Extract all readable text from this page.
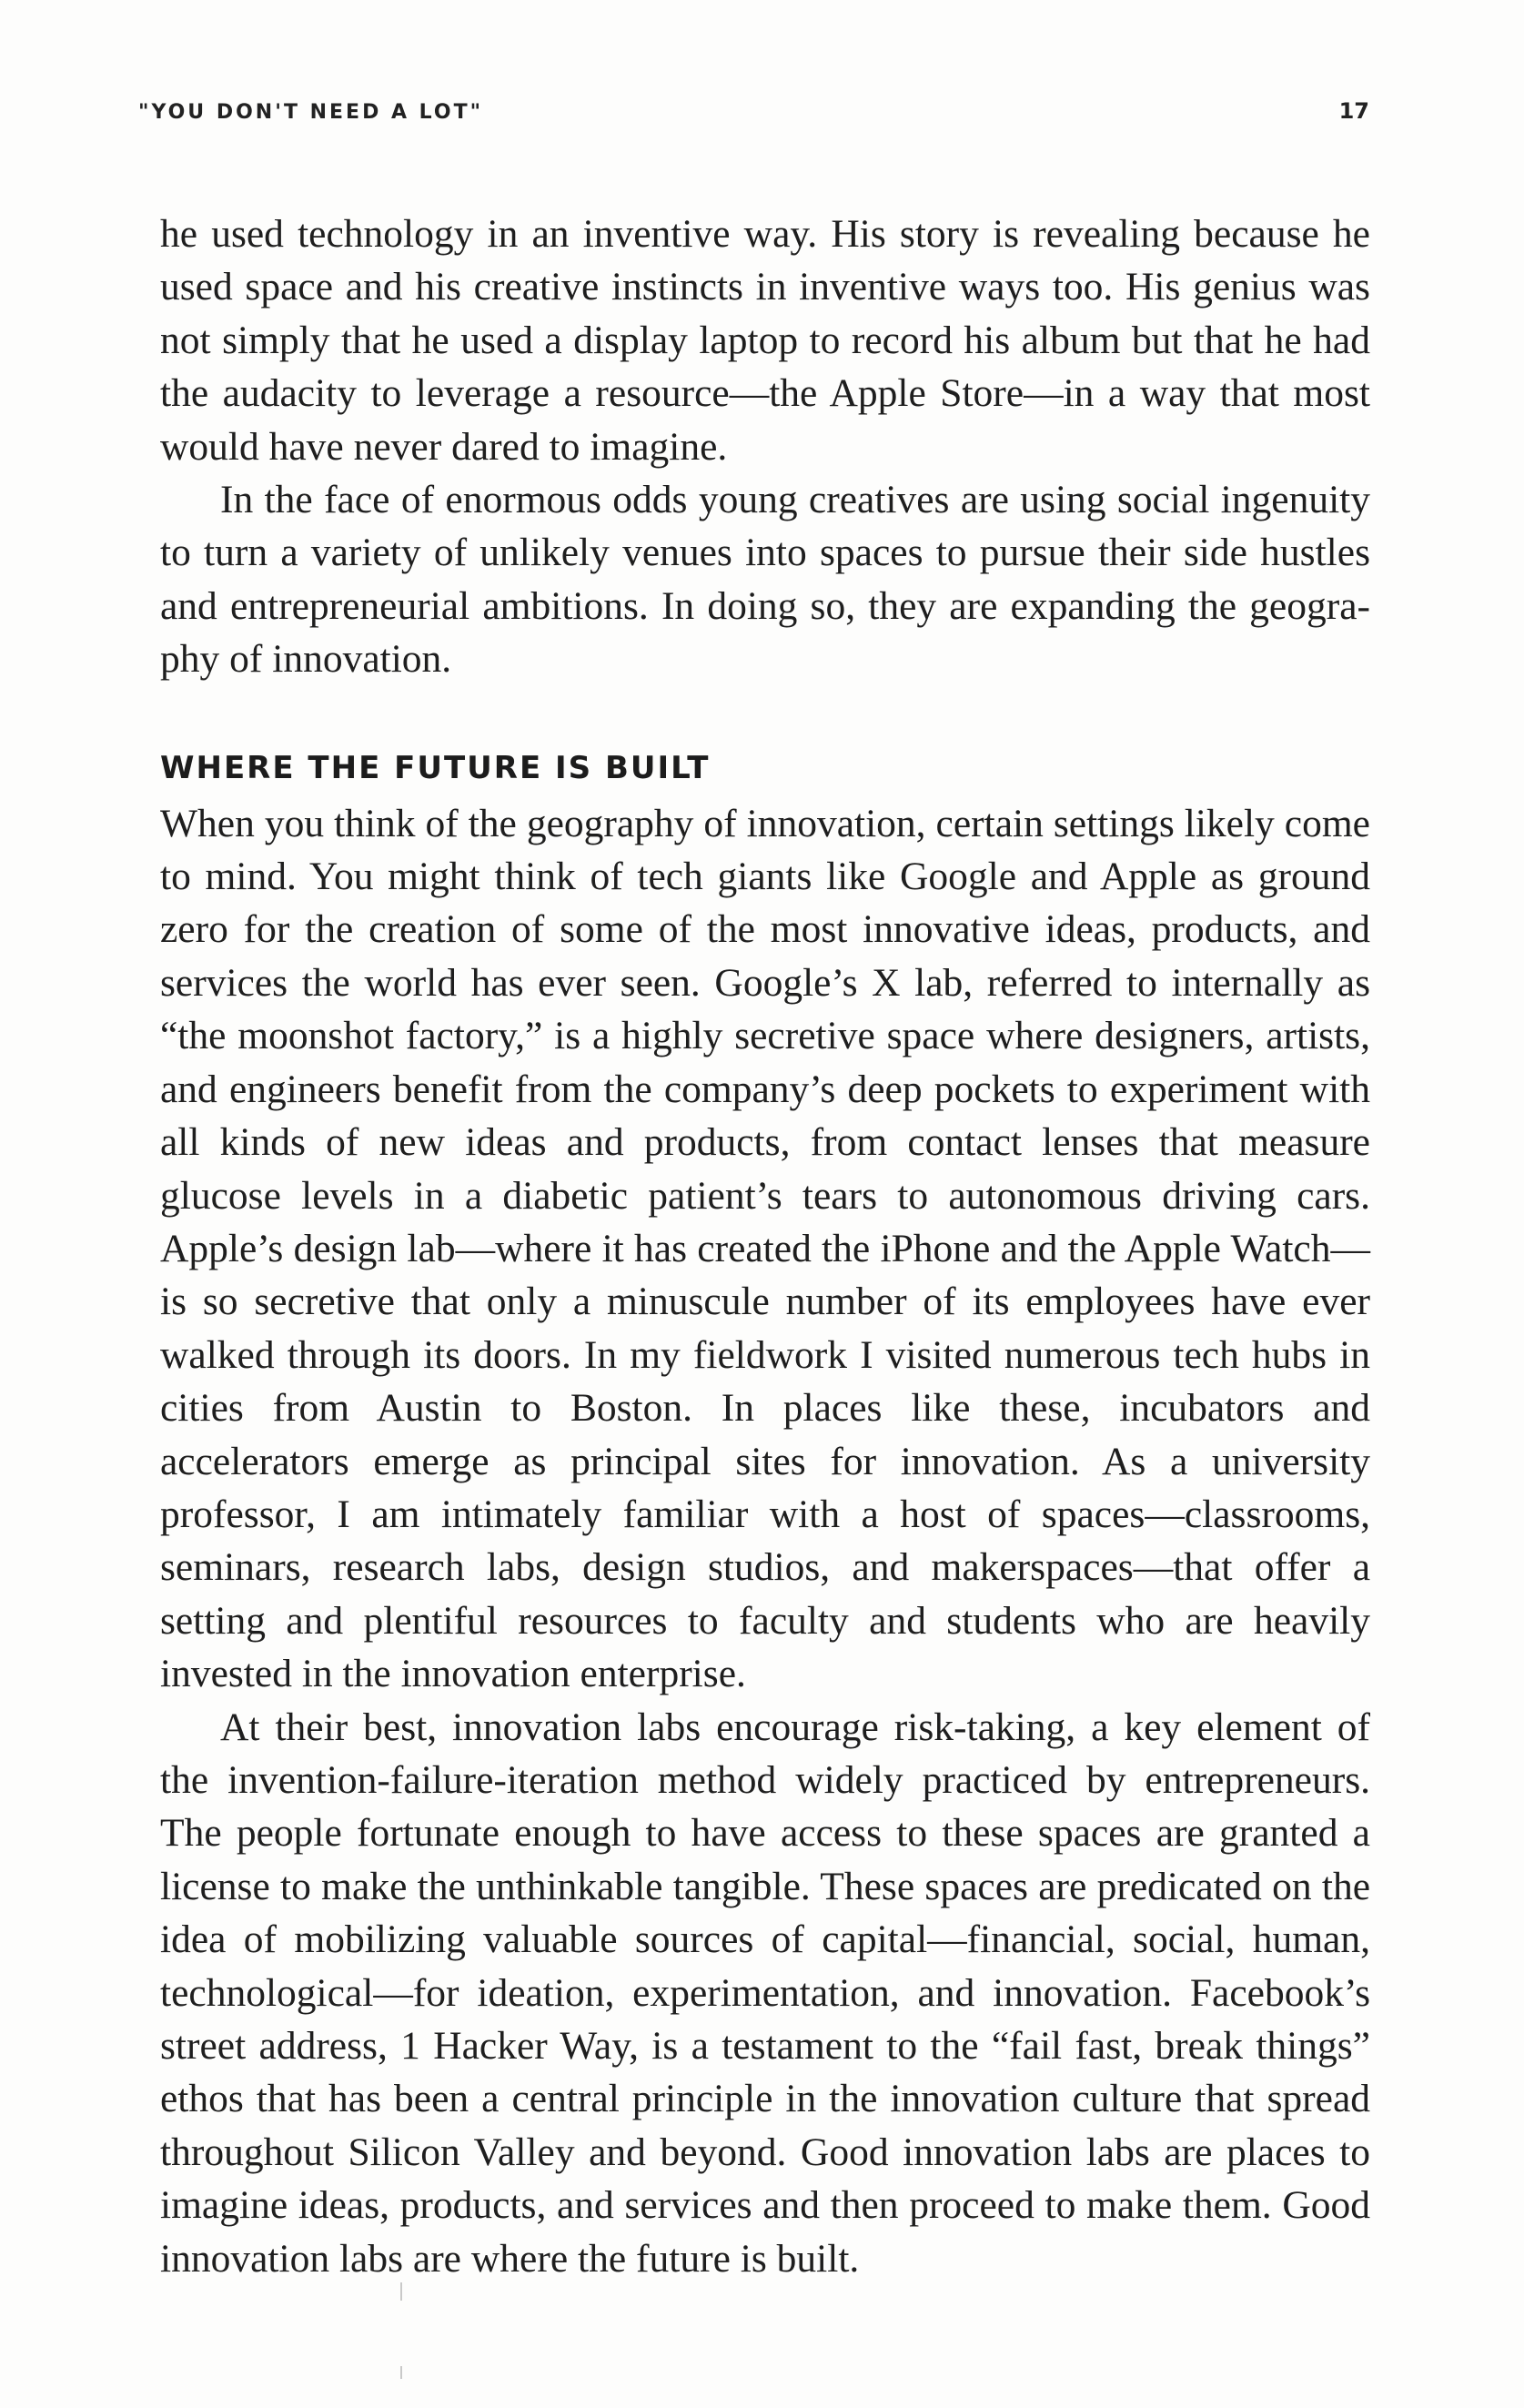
"YOU DON'T NEED A LOT"	17

he used technology in an inventive way. His story is revealing because he used space and his creative instincts in inventive ways too. His genius was not simply that he used a display laptop to record his album but that he had the audacity to leverage a resource—the Apple Store—in a way that most would have never dared to imagine.

In the face of enormous odds young creatives are using social ingenuity to turn a variety of unlikely venues into spaces to pursue their side hustles and entrepreneurial ambitions. In doing so, they are expanding the geography of innovation.

WHERE THE FUTURE IS BUILT

When you think of the geography of innovation, certain settings likely come to mind. You might think of tech giants like Google and Apple as ground zero for the creation of some of the most innovative ideas, products, and services the world has ever seen. Google’s X lab, referred to internally as “the moonshot factory,” is a highly secretive space where designers, artists, and engineers benefit from the company’s deep pockets to experiment with all kinds of new ideas and products, from contact lenses that measure glucose levels in a diabetic patient’s tears to autonomous driving cars. Apple’s design lab—where it has created the iPhone and the Apple Watch—is so secretive that only a minuscule number of its employees have ever walked through its doors. In my fieldwork I visited numerous tech hubs in cities from Austin to Boston. In places like these, incubators and accelerators emerge as principal sites for innovation. As a university professor, I am intimately familiar with a host of spaces—classrooms, seminars, research labs, design studios, and makerspaces—that offer a setting and plentiful resources to faculty and students who are heavily invested in the innovation enterprise.

At their best, innovation labs encourage risk-taking, a key element of the invention-failure-iteration method widely practiced by entrepreneurs. The people fortunate enough to have access to these spaces are granted a license to make the unthinkable tangible. These spaces are predicated on the idea of mobilizing valuable sources of capital—financial, social, human, technological—for ideation, experimentation, and innovation. Facebook’s street address, 1 Hacker Way, is a testament to the “fail fast, break things” ethos that has been a central principle in the innovation culture that spread throughout Silicon Valley and beyond. Good innovation labs are places to imagine ideas, products, and services and then proceed to make them. Good innovation labs are where the future is built.
